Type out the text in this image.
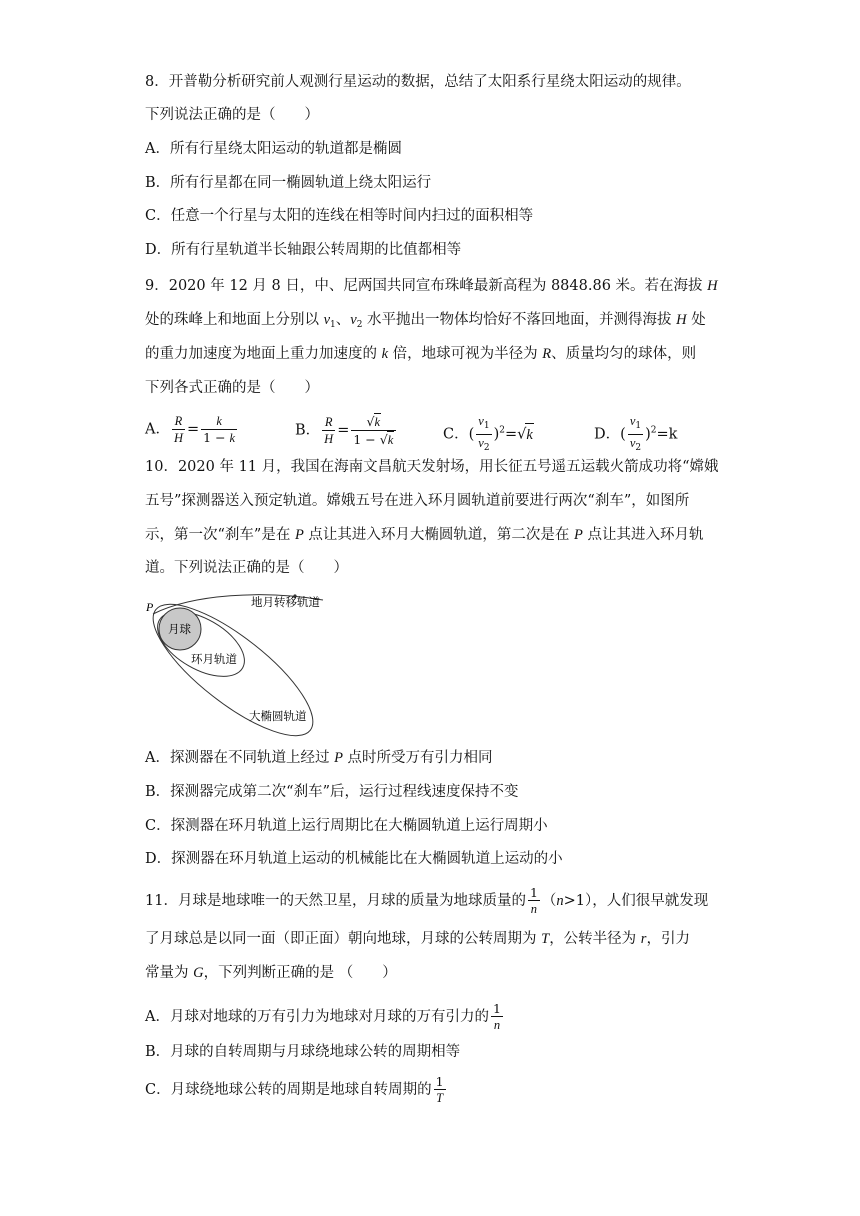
8．开普勒分析研究前人观测行星运动的数据，总结了太阳系行星绕太阳运动的规律。
下列说法正确的是（　　）
A．所有行星绕太阳运动的轨道都是椭圆
B．所有行星都在同一椭圆轨道上绕太阳运行
C．任意一个行星与太阳的连线在相等时间内扫过的面积相等
D．所有行星轨道半长轴跟公转周期的比值都相等
9．2020 年 12 月 8 日，中、尼两国共同宣布珠峰最新高程为 8848.86 米。若在海拔 H
处的珠峰上和地面上分别以 $v_1$、$v_2$ 水平抛出一物体均恰好不落回地面，并测得海拔 H 处
的重力加速度为地面上重力加速度的 k 倍，地球可视为半径为 R、质量均匀的球体，则
下列各式正确的是（　　）
A． $\frac{R}{H} = \frac{k}{1 - k}$	B． $\frac{R}{H} = \frac{√k}{1 - √k}$	C．( $\frac{v_1}{v_2} )^2=√k$	D．( $\frac{v_1}{v_2} )^2=k$
10．2020 年 11 月，我国在海南文昌航天发射场，用长征五号遥五运载火箭成功将“嫦娥
五号”探测器送入预定轨道。嫦娥五号在进入环月圆轨道前要进行两次“刹车”，如图所
示，第一次“刹车”是在 P 点让其进入环月大椭圆轨道，第二次是在 P 点让其进入环月轨
道。下列说法正确的是（　　）
P	地月转移轨道
月球
环月轨道
大椭圆轨道
A．探测器在不同轨道上经过 P 点时所受万有引力相同
B．探测器完成第二次“刹车”后，运行过程线速度保持不变
C．探测器在环月轨道上运行周期比在大椭圆轨道上运行周期小
D．探测器在环月轨道上运动的机械能比在大椭圆轨道上运动的小
11．月球是地球唯一的天然卫星，月球的质量为地球质量的 $\frac{1}{n} (n>1)$，人们很早就发现
了月球总是以同一面（即正面）朝向地球，月球的公转周期为 T，公转半径为 r，引力
常量为 G，下列判断正确的是 （　　）
A．月球对地球的万有引力为地球对月球的万有引力的 $\frac{1}{n}$
B．月球的自转周期与月球绕地球公转的周期相等
C．月球绕地球公转的周期是地球自转周期的 $\frac{1}{T}$
